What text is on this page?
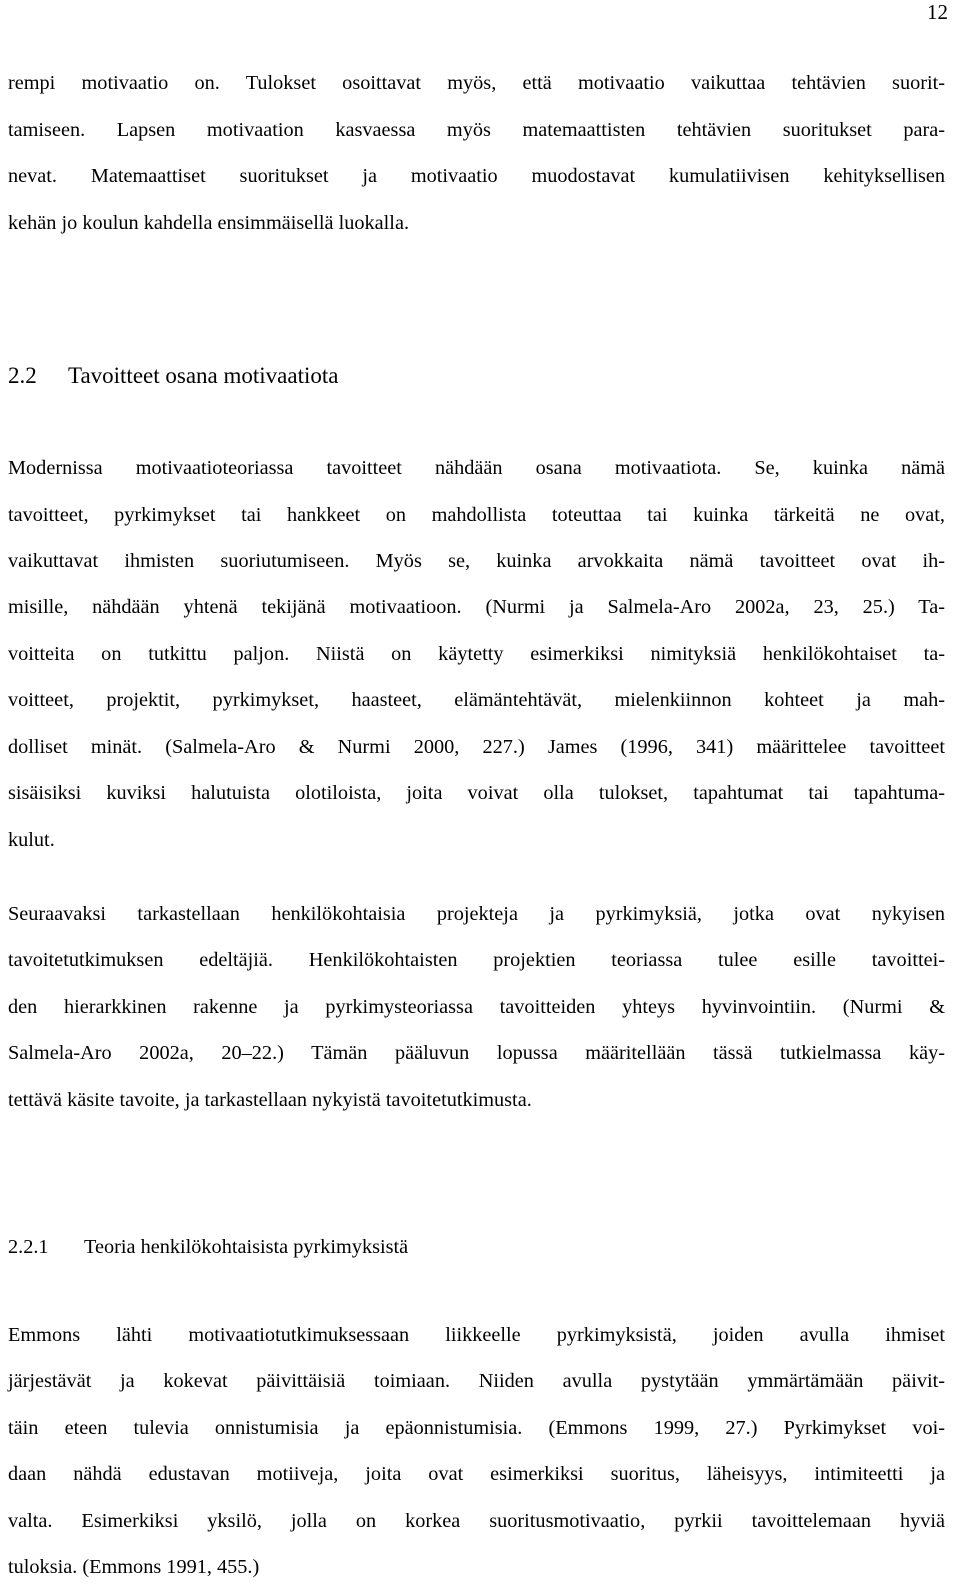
12
rempi motivaatio on. Tulokset osoittavat myös, että motivaatio vaikuttaa tehtävien suorit-
tamiseen. Lapsen motivaation kasvaessa myös matemaattisten tehtävien suoritukset para-
nevat. Matemaattiset suoritukset ja motivaatio muodostavat kumulatiivisen kehityksellisen
kehän jo koulun kahdella ensimmäisellä luokalla.
2.2 Tavoitteet osana motivaatiota
Modernissa motivaatioteoriassa tavoitteet nähdään osana motivaatiota. Se, kuinka nämä
tavoitteet, pyrkimykset tai hankkeet on mahdollista toteuttaa tai kuinka tärkeitä ne ovat,
vaikuttavat ihmisten suoriutumiseen. Myös se, kuinka arvokkaita nämä tavoitteet ovat ih-
misille, nähdään yhtenä tekijänä motivaatioon. (Nurmi ja Salmela-Aro 2002a, 23, 25.) Ta-
voitteita on tutkittu paljon. Niistä on käytetty esimerkiksi nimityksiä henkilökohtaiset ta-
voitteet, projektit, pyrkimykset, haasteet, elämäntehtävät, mielenkiinnon kohteet ja mah-
dolliset minät. (Salmela-Aro & Nurmi 2000, 227.) James (1996, 341) määrittelee tavoitteet
sisäisiksi kuviksi halutuista olotiloista, joita voivat olla tulokset, tapahtumat tai tapahtuma-
kulut.
Seuraavaksi tarkastellaan henkilökohtaisia projekteja ja pyrkimyksiä, jotka ovat nykyisen
tavoitetutkimuksen edeltäjiä. Henkilökohtaisten projektien teoriassa tulee esille tavoittei-
den hierarkkinen rakenne ja pyrkimysteoriassa tavoitteiden yhteys hyvinvointiin. (Nurmi &
Salmela-Aro 2002a, 20–22.) Tämän pääluvun lopussa määritellään tässä tutkielmassa käy-
tettävä käsite tavoite, ja tarkastellaan nykyistä tavoitetutkimusta.
2.2.1 Teoria henkilökohtaisista pyrkimyksistä
Emmons lähti motivaatiotutkimuksessaan liikkeelle pyrkimyksistä, joiden avulla ihmiset
järjestävät ja kokevat päivittäisiä toimiaan. Niiden avulla pystytään ymmärtämään päivit-
täin eteen tulevia onnistumisia ja epäonnistumisia. (Emmons 1999, 27.) Pyrkimykset voi-
daan nähdä edustavan motiiveja, joita ovat esimerkiksi suoritus, läheisyys, intimiteetti ja
valta. Esimerkiksi yksilö, jolla on korkea suoritusmotivaatio, pyrkii tavoittelemaan hyviä
tuloksia. (Emmons 1991, 455.)
